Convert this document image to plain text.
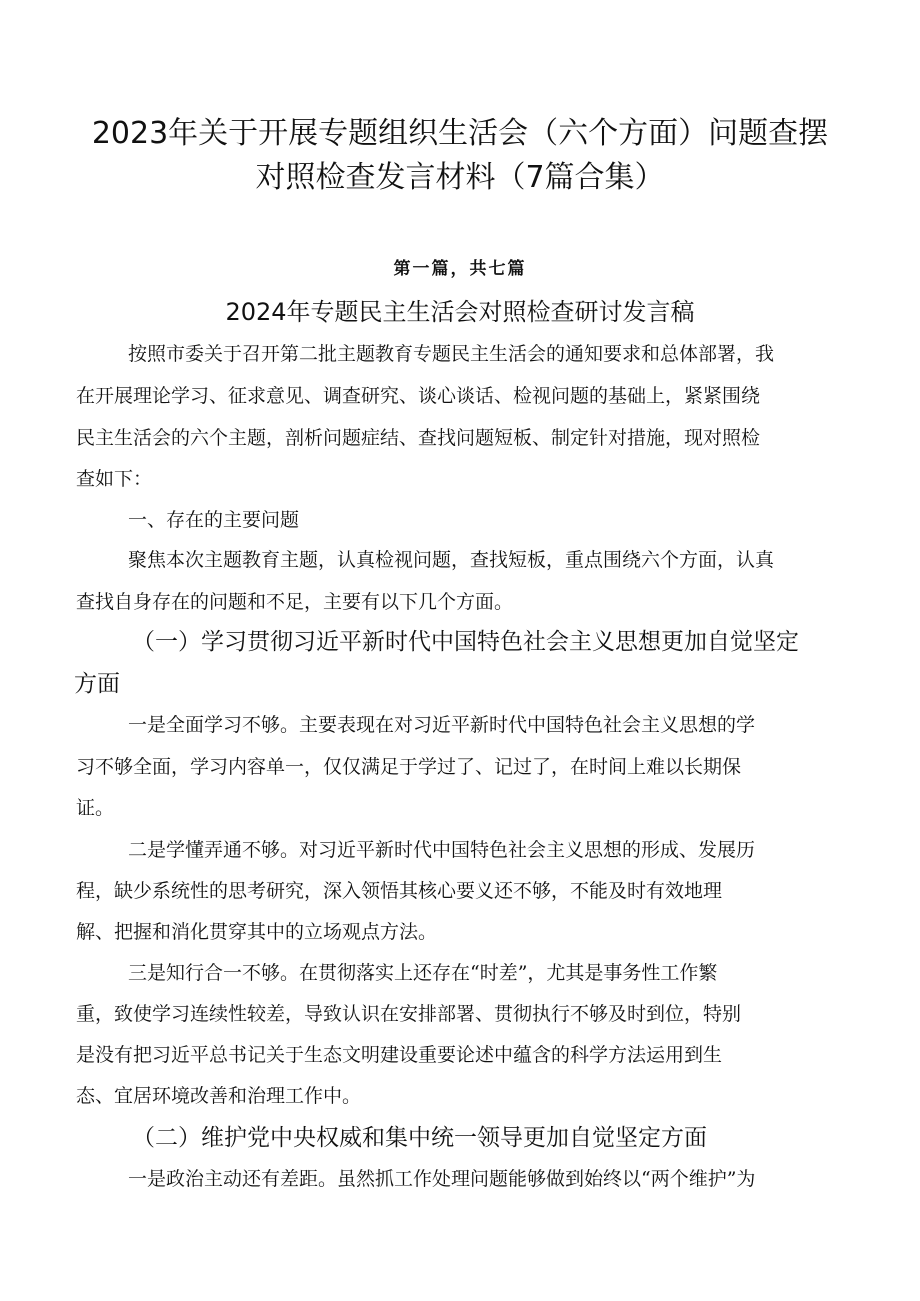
2023年关于开展专题组织生活会（六个方面）问题查摆
对照检查发言材料（7篇合集）
第一篇，共七篇
2024年专题民主生活会对照检查研讨发言稿
按照市委关于召开第二批主题教育专题民主生活会的通知要求和总体部署，我
在开展理论学习、征求意见、调查研究、谈心谈话、检视问题的基础上，紧紧围绕
民主生活会的六个主题，剖析问题症结、查找问题短板、制定针对措施，现对照检
查如下：
一、存在的主要问题
聚焦本次主题教育主题，认真检视问题，查找短板，重点围绕六个方面，认真
查找自身存在的问题和不足，主要有以下几个方面。
（一）学习贯彻习近平新时代中国特色社会主义思想更加自觉坚定
方面
一是全面学习不够。主要表现在对习近平新时代中国特色社会主义思想的学
习不够全面，学习内容单一，仅仅满足于学过了、记过了，在时间上难以长期保
证。
二是学懂弄通不够。对习近平新时代中国特色社会主义思想的形成、发展历
程，缺少系统性的思考研究，深入领悟其核心要义还不够，不能及时有效地理
解、把握和消化贯穿其中的立场观点方法。
三是知行合一不够。在贯彻落实上还存在“时差”，尤其是事务性工作繁
重，致使学习连续性较差，导致认识在安排部署、贯彻执行不够及时到位，特别
是没有把习近平总书记关于生态文明建设重要论述中蕴含的科学方法运用到生
态、宜居环境改善和治理工作中。
（二）维护党中央权威和集中统一领导更加自觉坚定方面
一是政治主动还有差距。虽然抓工作处理问题能够做到始终以“两个维护”为
